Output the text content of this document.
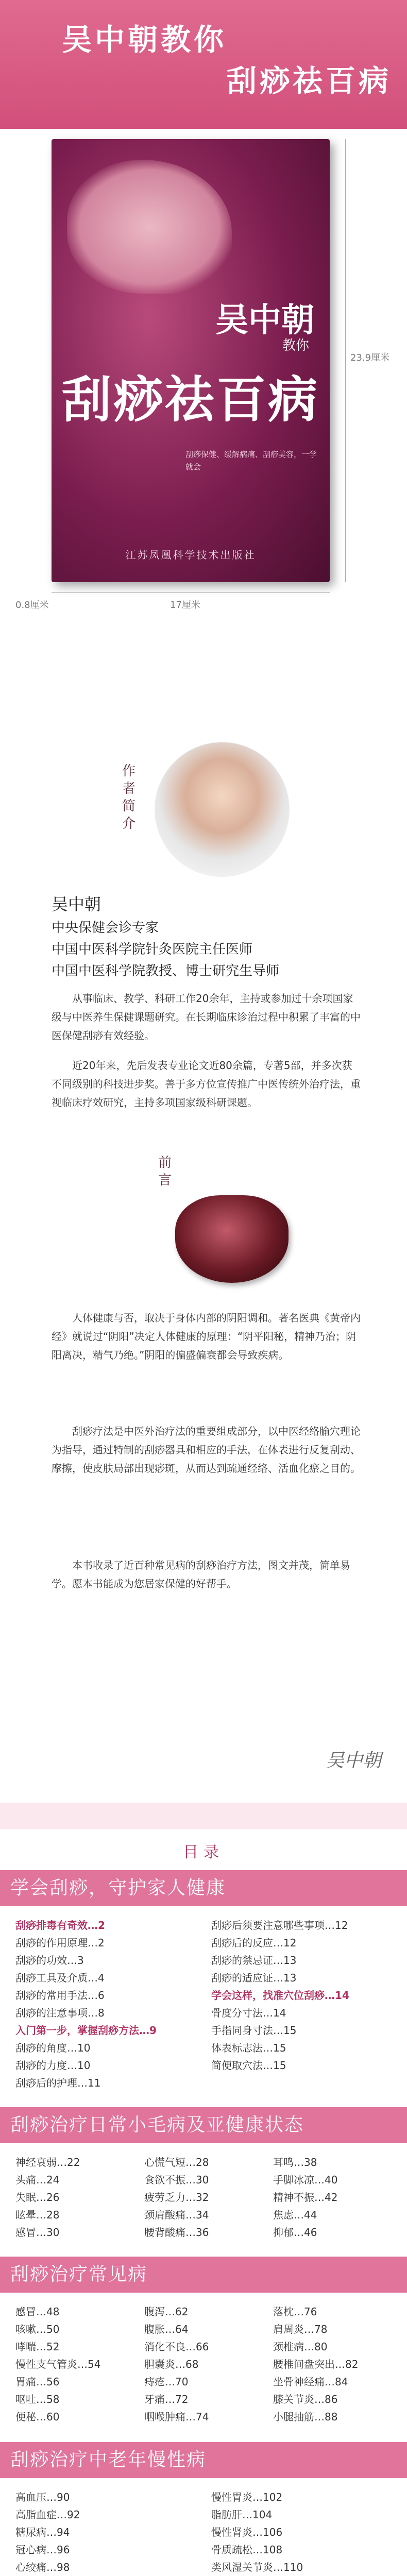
吴中朝教你
刮痧祛百病
吴中朝
教你
刮痧祛百病
刮痧保健、缓解病痛、刮痧美容，一学就会
江苏凤凰科学技术出版社
23.9厘米
17厘米
0.8厘米
作者简介
吴中朝
中央保健会诊专家
中国中医科学院针灸医院主任医师
中国中医科学院教授、博士研究生导师
从事临床、教学、科研工作20余年，主持或参加过十余项国家级与中医养生保健课题研究。在长期临床诊治过程中积累了丰富的中医保健刮痧有效经验。
近20年来，先后发表专业论文近80余篇，专著5部，并多次获不同级别的科技进步奖。善于多方位宣传推广中医传统外治疗法，重视临床疗效研究，主持多项国家级科研课题。
前言
人体健康与否，取决于身体内部的阴阳调和。著名医典《黄帝内经》就说过“阴阳”决定人体健康的原理：“阴平阳秘，精神乃治；阴阳离决，精气乃绝。”阴阳的偏盛偏衰都会导致疾病。
刮痧疗法是中医外治疗法的重要组成部分，以中医经络腧穴理论为指导，通过特制的刮痧器具和相应的手法，在体表进行反复刮动、摩擦，使皮肤局部出现痧斑，从而达到疏通经络、活血化瘀之目的。
本书收录了近百种常见病的刮痧治疗方法，图文并茂，简单易学。愿本书能成为您居家保健的好帮手。
吴中朝
目录
学会刮痧，守护家人健康
刮痧排毒有奇效…2
刮痧的作用原理…2
刮痧的功效…3
刮痧工具及介质…4
刮痧的常用手法…6
刮痧的注意事项…8
入门第一步，掌握刮痧方法…9
刮痧的角度…10
刮痧的力度…10
刮痧后的护理…11
刮痧后须要注意哪些事项…12
刮痧后的反应…12
刮痧的禁忌证…13
刮痧的适应证…13
学会这样，找准穴位刮痧…14
骨度分寸法…14
手指同身寸法…15
体表标志法…15
简便取穴法…15
刮痧治疗日常小毛病及亚健康状态
神经衰弱…22
头痛…24
失眠…26
眩晕…28
感冒…30
心慌气短…28
食欲不振…30
疲劳乏力…32
颈肩酸痛…34
腰背酸痛…36
耳鸣…38
手脚冰凉…40
精神不振…42
焦虑…44
抑郁…46
刮痧治疗常见病
感冒…48
咳嗽…50
哮喘…52
慢性支气管炎…54
胃痛…56
呕吐…58
便秘…60
腹泻…62
腹胀…64
消化不良…66
胆囊炎…68
痔疮…70
牙痛…72
咽喉肿痛…74
落枕…76
肩周炎…78
颈椎病…80
腰椎间盘突出…82
坐骨神经痛…84
膝关节炎…86
小腿抽筋…88
刮痧治疗中老年慢性病
高血压…90
高脂血症…92
糖尿病…94
冠心病…96
心绞痛…98
慢性胃炎…102
脂肪肝…104
慢性肾炎…106
骨质疏松…108
类风湿关节炎…110
